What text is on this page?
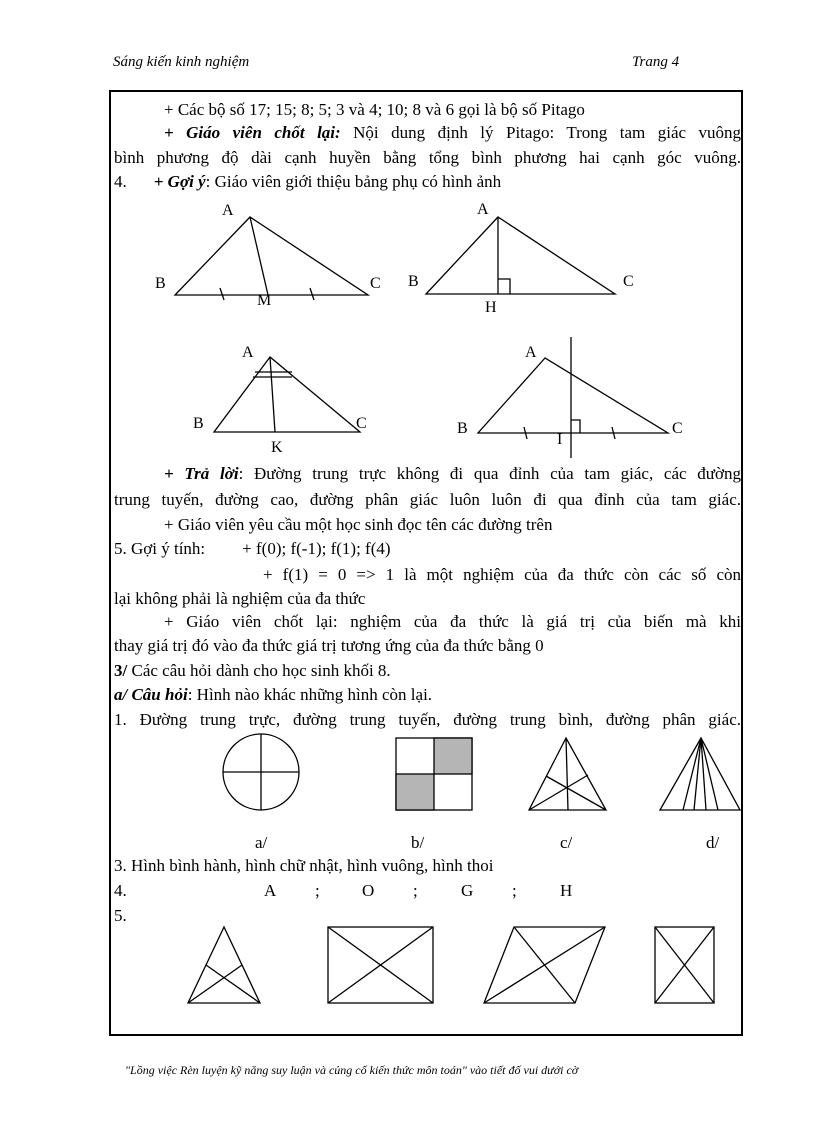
Sáng kiến kinh nghiệm	Trang 4
+ Các bộ số 17; 15; 8; 5; 3 và 4; 10; 8 và 6 gọi là bộ số Pitago
+ Giáo viên chốt lại: Nội dung định lý Pitago: Trong tam giác vuông
bình phương độ dài cạnh huyền bằng tổng bình phương hai cạnh góc vuông.
4. + Gợi ý: Giáo viên giới thiệu bảng phụ có hình ảnh
A
B	C
M
A
B	C
H
A
B	C
K
A
B	C
I
+ Trả lời: Đường trung trực không đi qua đỉnh của tam giác, các đường
trung tuyến, đường cao, đường phân giác luôn luôn đi qua đỉnh của tam giác.
+ Giáo viên yêu cầu một học sinh đọc tên các đường trên
5. Gợi ý tính: + f(0); f(-1); f(1); f(4)
+ f(1) = 0 => 1 là một nghiệm của đa thức còn các số còn
lại không phải là nghiệm của đa thức
+ Giáo viên chốt lại: nghiệm của đa thức là giá trị của biến mà khi
thay giá trị đó vào đa thức giá trị tương ứng của đa thức bằng 0
3/ Các câu hỏi dành cho học sinh khối 8.
a/ Câu hỏi: Hình nào khác những hình còn lại.
1. Đường trung trực, đường trung tuyến, đường trung bình, đường phân giác.
a/	b/	c/	d/
3. Hình bình hành, hình chữ nhật, hình vuông, hình thoi
4.	A ; O ;	G ;	H
5.
"Lồng việc Rèn luyện kỹ năng suy luận và củng cố kiến thức môn toán" vào tiết đố vui dưới cờ
